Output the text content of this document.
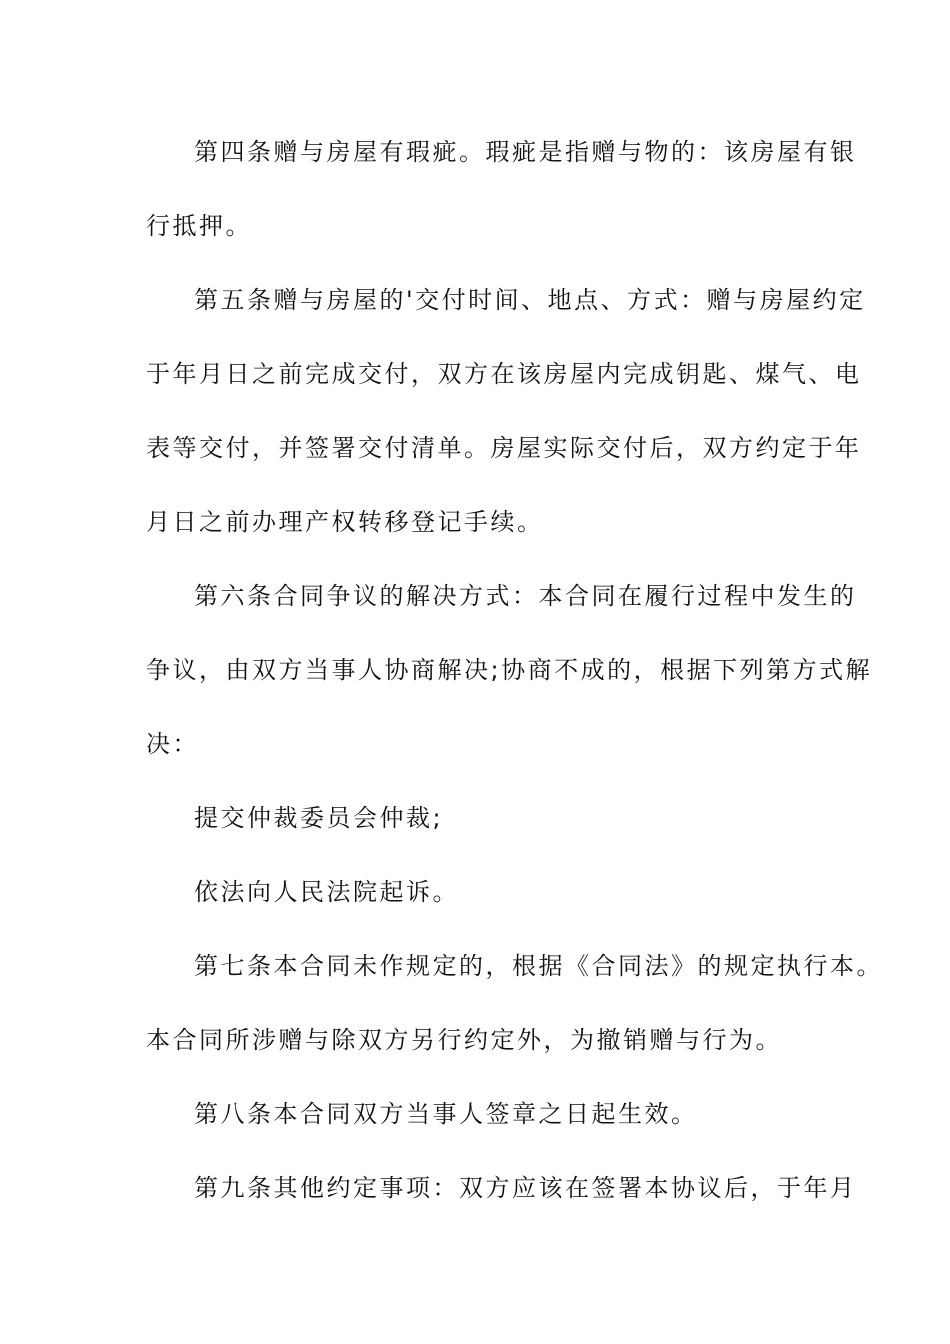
第四条赠与房屋有瑕疵。瑕疵是指赠与物的：该房屋有银
行抵押。
第五条赠与房屋的'交付时间、地点、方式：赠与房屋约定
于年月日之前完成交付，双方在该房屋内完成钥匙、煤气、电
表等交付，并签署交付清单。房屋实际交付后，双方约定于年
月日之前办理产权转移登记手续。
第六条合同争议的解决方式：本合同在履行过程中发生的
争议，由双方当事人协商解决;协商不成的，根据下列第方式解
决：
提交仲裁委员会仲裁;
依法向人民法院起诉。
第七条本合同未作规定的，根据《合同法》的规定执行本。
本合同所涉赠与除双方另行约定外，为撤销赠与行为。
第八条本合同双方当事人签章之日起生效。
第九条其他约定事项：双方应该在签署本协议后，于年月
